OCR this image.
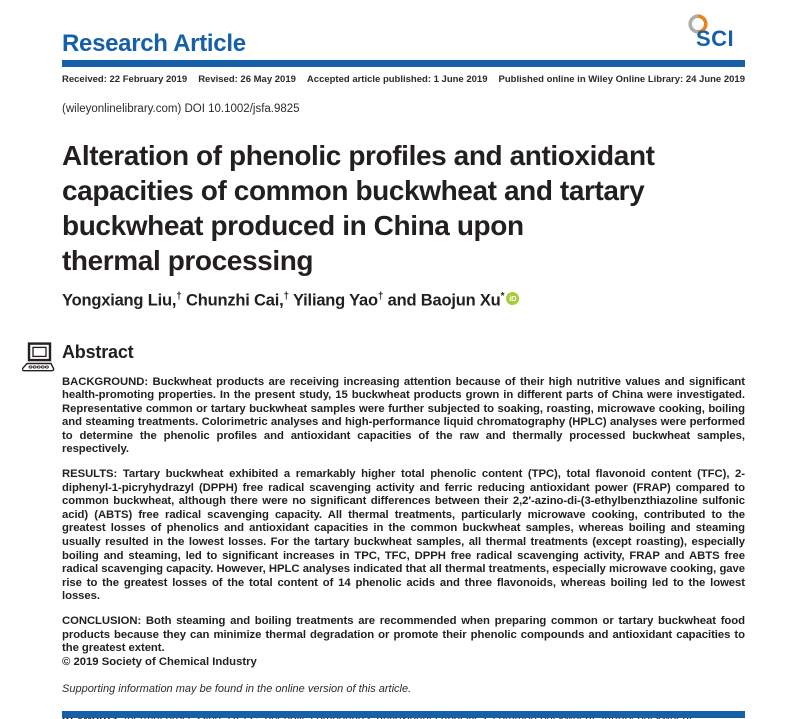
Research Article	SCI
Received: 22 February 2019 Revised: 26 May 2019 Accepted article published: 1 June 2019 Published online in Wiley Online Library: 24 June 2019
(wileyonlinelibrary.com) DOI 10.1002/jsfa.9825
Alteration of phenolic profiles and antioxidant
capacities of common buckwheat and tartary
buckwheat produced in China upon
thermal processing
Yongxiang Liu,† Chunzhi Cai,† Yiliang Yao† and Baojun Xu* iD
Abstract

BACKGROUND: Buckwheat products are receiving increasing attention because of their high nutritive values and significant health-promoting properties. In the present study, 15 buckwheat products grown in different parts of China were investigated. Representative common or tartary buckwheat samples were further subjected to soaking, roasting, microwave cooking, boiling and steaming treatments. Colorimetric analyses and high-performance liquid chromatography (HPLC) analyses were performed to determine the phenolic profiles and antioxidant capacities of the raw and thermally processed buckwheat samples, respectively.

RESULTS: Tartary buckwheat exhibited a remarkably higher total phenolic content (TPC), total flavonoid content (TFC), 2-diphenyl-1-picryhydrazyl (DPPH) free radical scavenging activity and ferric reducing antioxidant power (FRAP) compared to common buckwheat, although there were no significant differences between their 2,2′-azino-di-(3-ethylbenzthiazoline sulfonic acid) (ABTS) free radical scavenging capacity. All thermal treatments, particularly microwave cooking, contributed to the greatest losses of phenolics and antioxidant capacities in the common buckwheat samples, whereas boiling and steaming usually resulted in the lowest losses. For the tartary buckwheat samples, all thermal treatments (except roasting), especially boiling and steaming, led to significant increases in TPC, TFC, DPPH free radical scavenging activity, FRAP and ABTS free radical scavenging capacity. However, HPLC analyses indicated that all thermal treatments, especially microwave cooking, gave rise to the greatest losses of the total content of 14 phenolic acids and three flavonoids, whereas boiling led to the lowest losses.

CONCLUSION: Both steaming and boiling treatments are recommended when preparing common or tartary buckwheat food products because they can minimize thermal degradation or promote their phenolic compounds and antioxidant capacities to the greatest extent.

© 2019 Society of Chemical Industry
Supporting information may be found in the online version of this article.
